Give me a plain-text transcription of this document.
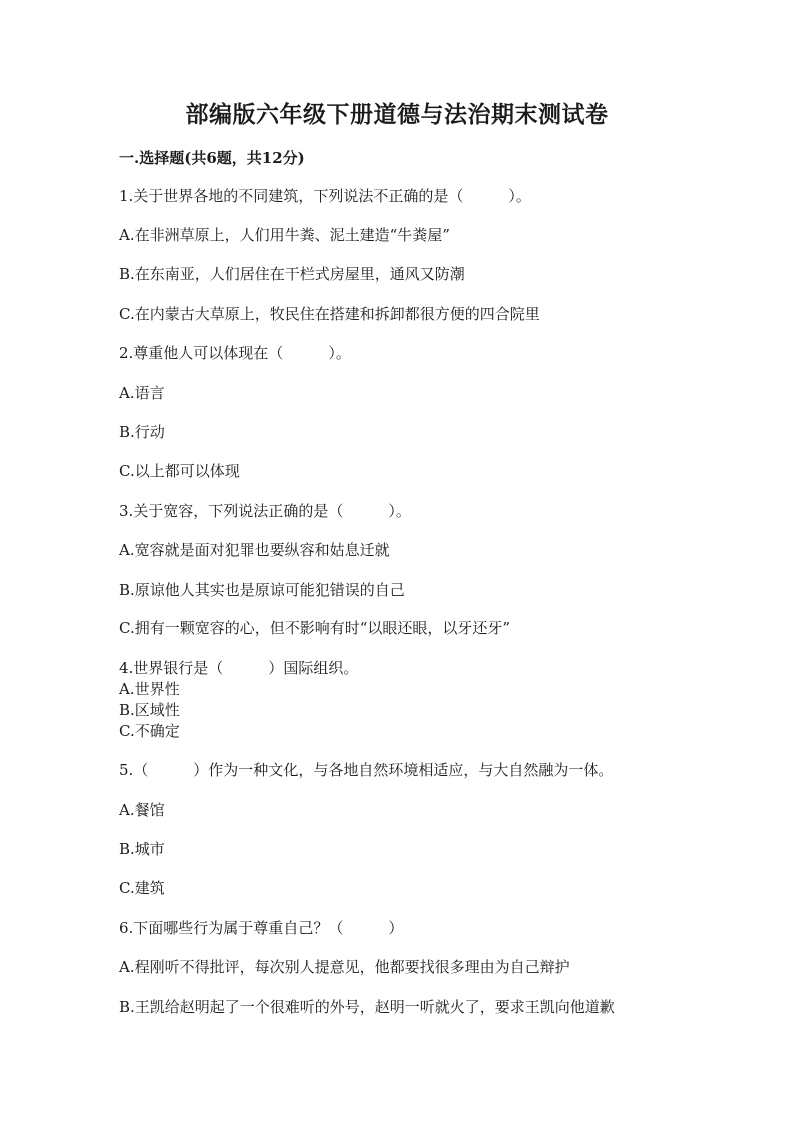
部编版六年级下册道德与法治期末测试卷
一.选择题(共6题，共12分)
1.关于世界各地的不同建筑，下列说法不正确的是（　　　）。
A.在非洲草原上，人们用牛粪、泥土建造“牛粪屋”
B.在东南亚，人们居住在干栏式房屋里，通风又防潮
C.在内蒙古大草原上，牧民住在搭建和拆卸都很方便的四合院里
2.尊重他人可以体现在（　　　）。
A.语言
B.行动
C.以上都可以体现
3.关于宽容，下列说法正确的是（　　　）。
A.宽容就是面对犯罪也要纵容和姑息迁就
B.原谅他人其实也是原谅可能犯错误的自己
C.拥有一颗宽容的心，但不影响有时“以眼还眼，以牙还牙”
4.世界银行是（　　　）国际组织。
A.世界性
B.区域性
C.不确定
5.（　　　）作为一种文化，与各地自然环境相适应，与大自然融为一体。
A.餐馆
B.城市
C.建筑
6.下面哪些行为属于尊重自己？（　　　）
A.程刚听不得批评，每次别人提意见，他都要找很多理由为自己辩护
B.王凯给赵明起了一个很难听的外号，赵明一听就火了，要求王凯向他道歉
